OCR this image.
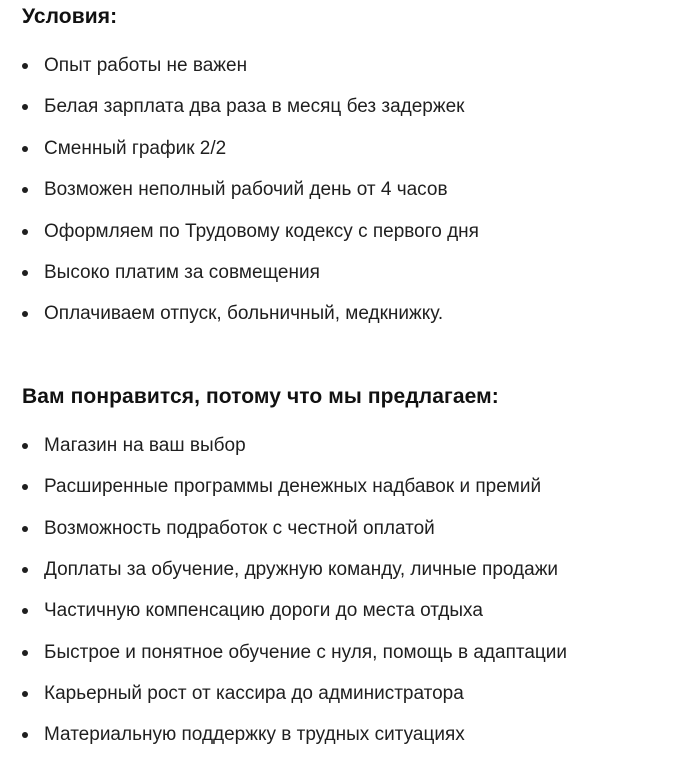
Условия:
Опыт работы не важен
Белая зарплата два раза в месяц без задержек
Сменный график 2/2
Возможен неполный рабочий день от 4 часов
Оформляем по Трудовому кодексу с первого дня
Высоко платим за совмещения
Оплачиваем отпуск, больничный, медкнижку.
Вам понравится, потому что мы предлагаем:
Магазин на ваш выбор
Расширенные программы денежных надбавок и премий
Возможность подработок с честной оплатой
Доплаты за обучение, дружную команду, личные продажи
Частичную компенсацию дороги до места отдыха
Быстрое и понятное обучение с нуля, помощь в адаптации
Карьерный рост от кассира до администратора
Материальную поддержку в трудных ситуациях
